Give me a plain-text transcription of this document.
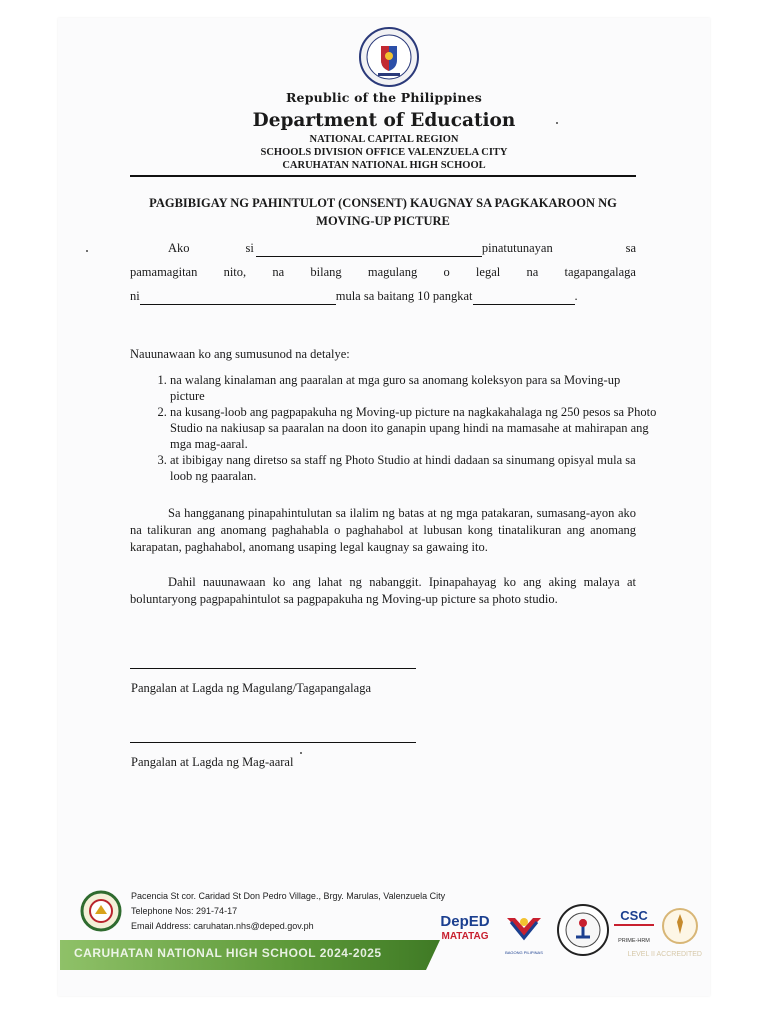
Republic of the Philippines
Department of Education
NATIONAL CAPITAL REGION
SCHOOLS DIVISION OFFICE VALENZUELA CITY
CARUHATAN NATIONAL HIGH SCHOOL
PAGBIBIGAY NG PAHINTULOT (CONSENT) KAUGNAY SA PAGKAKAROON NG MOVING-UP PICTURE
Ako	si	pinatutunayan	sa
pamamagitan nito, na bilang magulang o legal na tagapangalaga
ni	mula sa baitang 10 pangkat	.
Nauunawaan ko ang sumusunod na detalye:
1. na walang kinalaman ang paaralan at mga guro sa anomang koleksyon para sa Moving-up picture
2. na kusang-loob ang pagpapakuha ng Moving-up picture na nagkakahalaga ng 250 pesos sa Photo Studio na nakiusap sa paaralan na doon ito ganapin upang hindi na mamasahe at mahirapan ang mga mag-aaral.
3. at ibibigay nang diretso sa staff ng Photo Studio at hindi dadaan sa sinumang opisyal mula sa loob ng paaralan.
Sa hangganang pinapahintulutan sa ilalim ng batas at ng mga patakaran, sumasang-ayon ako na talikuran ang anomang paghahabla o paghahabol at lubusan kong tinatalikuran ang anomang karapatan, paghahabol, anomang usaping legal kaugnay sa gawaing ito.
Dahil nauunawaan ko ang lahat ng nabanggit. Ipinapahayag ko ang aking malaya at boluntaryong pagpapahintulot sa pagpapakuha ng Moving-up picture sa photo studio.
Pangalan at Lagda ng Magulang/Tagapangalaga
Pangalan at Lagda ng Mag-aaral
Pacencia St cor. Caridad St Don Pedro Village., Brgy. Marulas, Valenzuela City
Telephone Nos: 291-74-17
Email Address: caruhatan.nhs@deped.gov.ph
CARUHATAN NATIONAL HIGH SCHOOL 2024-2025
DepED
MATATAG
BAGONG PILIPINAS
CSC
PRIME-HRM
LEVEL II ACCREDITED
